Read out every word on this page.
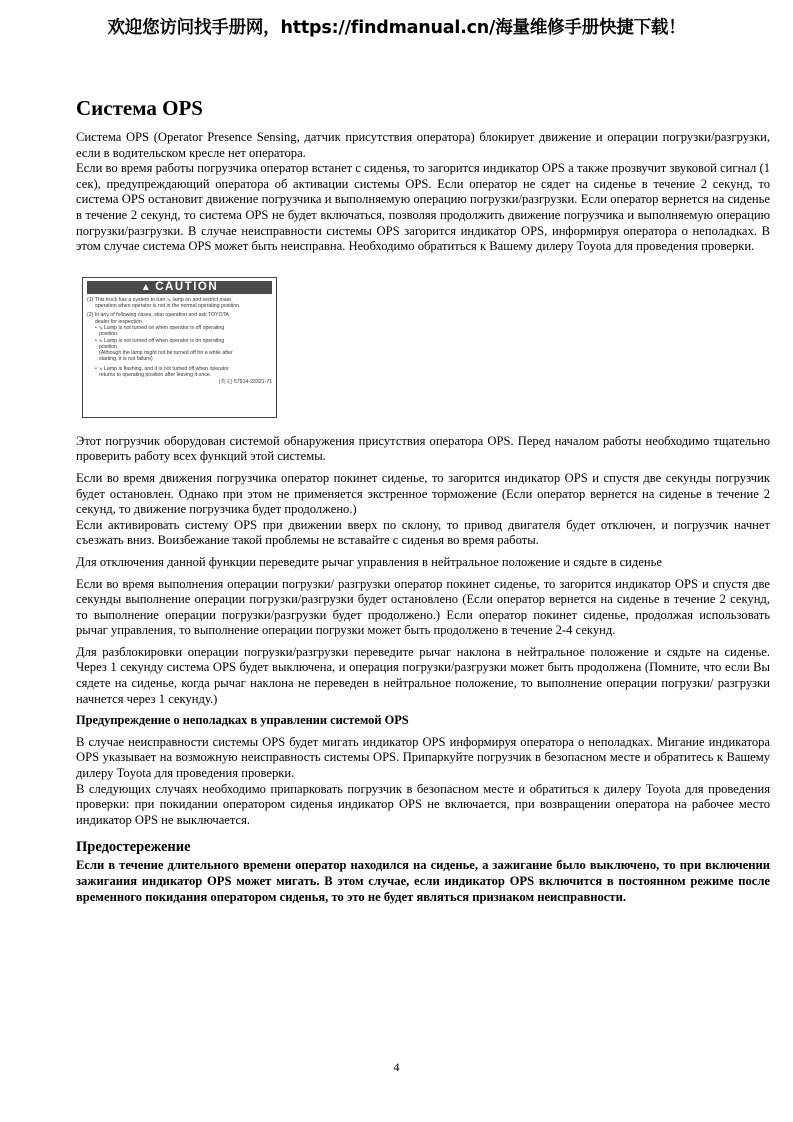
欢迎您访问找手册网，https://findmanual.cn/海量维修手册快捷下载！
Система OPS

Система OPS (Operator Presence Sensing, датчик присутствия оператора) блокирует движение и операции погрузки/разгрузки, если в водительском кресле нет оператора.

Если во время работы погрузчика оператор встанет с сиденья, то загорится индикатор OPS а также прозвучит звуковой сигнал (1 сек), предупреждающий оператора об активации системы OPS. Если оператор не сядет на сиденье в течение 2 секунд, то система OPS остановит движение погрузчика и выполняемую операцию погрузки/разгрузки. Если оператор вернется на сиденье в течение 2 секунд, то система OPS не будет включаться, позволяя продолжить движение погрузчика и выполняемую операцию погрузки/разгрузки. В случае неисправности системы OPS загорится индикатор OPS, информируя оператора о неполадках. В этом случае система OPS может быть неисправна. Необходимо обратиться к Вашему дилеру Toyota для проведения проверки.

▲ CAUTION

(1) This truck has a system to turn ↘ lamp on and restrict mast

operation when operator is not in the normal operating position.

(2) In any of following cases, stop operation and ask TOYOTA

dealer for inspection.

• ↘ Lamp is not turned on when operator is off operating

position.

• ↘ Lamp is not turned off when operator is on operating

position.

(Although the lamp might not be turned off for a while after

starting, it is not failure)

• ↘ Lamp is flashing, and it is not turned off when operator

returns to operating position after leaving it once.

(英文) 57914-23321-71

Этот погрузчик оборудован системой обнаружения присутствия оператора OPS. Перед началом работы необходимо тщательно проверить работу всех функций этой системы.

Если во время движения погрузчика оператор покинет сиденье, то загорится индикатор OPS и спустя две секунды погрузчик будет остановлен. Однако при этом не применяется экстренное торможение (Если оператор вернется на сиденье в течение 2 секунд, то движение погрузчика будет продолжено.)

Если активировать систему OPS при движении вверх по склону, то привод двигателя будет отключен, и погрузчик начнет съезжать вниз. Воизбежание такой проблемы не вставайте с сиденья во время работы.

Для отключения данной функции переведите рычаг управления в нейтральное положение и сядьте в сиденье

Если во время выполнения операции погрузки/ разгрузки оператор покинет сиденье, то загорится индикатор OPS и спустя две секунды выполнение операции погрузки/разгрузки будет остановлено (Если оператор вернется на сиденье в течение 2 секунд, то выполнение операции погрузки/разгрузки будет продолжено.) Если оператор покинет сиденье, продолжая использовать рычаг управления, то выполнение операции погрузки может быть продолжено в течение 2-4 секунд.

Для разблокировки операции погрузки/разгрузки переведите рычаг наклона в нейтральное положение и сядьте на сиденье. Через 1 секунду система OPS будет выключена, и операция погрузки/разгрузки может быть продолжена (Помните, что если Вы сядете на сиденье, когда рычаг наклона не переведен в нейтральное положение, то выполнение операции погрузки/ разгрузки начнется через 1 секунду.)

Предупреждение о неполадках в управлении системой OPS

В случае неисправности системы OPS будет мигать индикатор OPS информируя оператора о неполадках. Мигание индикатора OPS указывает на возможную неисправность системы OPS. Припаркуйте погрузчик в безопасном месте и обратитесь к Вашему дилеру Toyota для проведения проверки.

В следующих случаях необходимо припарковать погрузчик в безопасном месте и обратиться к дилеру Toyota для проведения проверки: при покидании оператором сиденья индикатор OPS не включается, при возвращении оператора на рабочее место индикатор OPS не выключается.

Предостережение

Если в течение длительного времени оператор находился на сиденье, а зажигание было выключено, то при включении зажигания индикатор OPS может мигать. В этом случае, если индикатор OPS включится в постоянном режиме после временного покидания оператором сиденья, то это не будет являться признаком неисправности.

4
